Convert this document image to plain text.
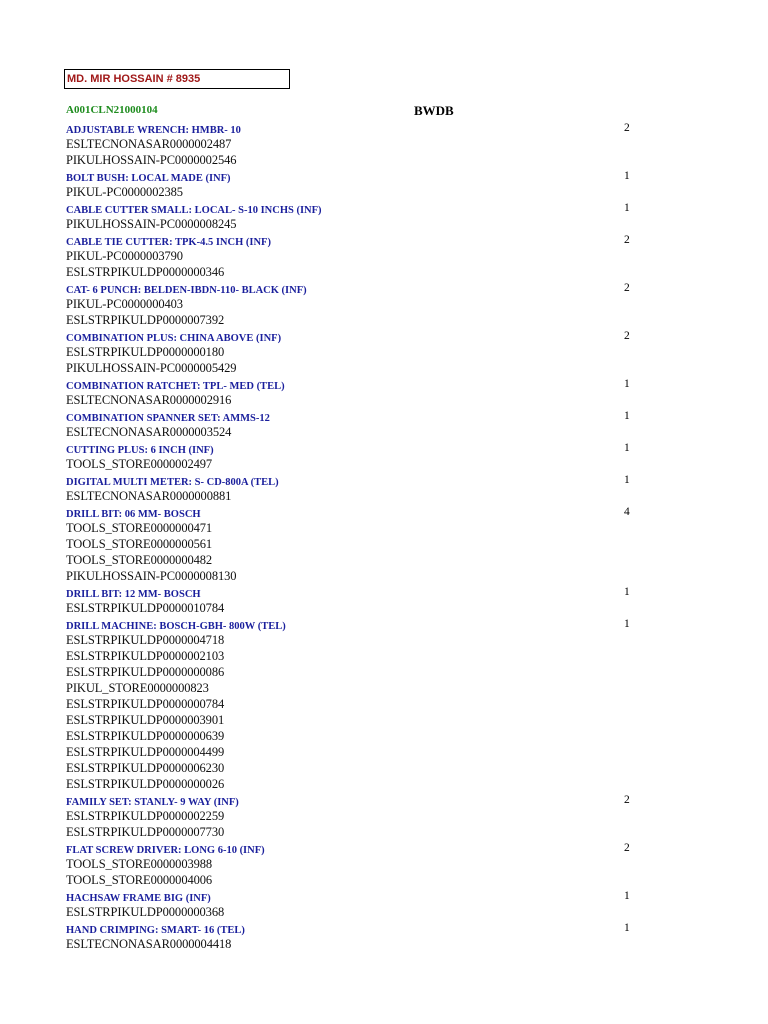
MD. MIR HOSSAIN # 8935
A001CLN21000104	BWDB
ADJUSTABLE WRENCH: HMBR- 10	2
ESLTECNONASAR0000002487
PIKULHOSSAIN-PC0000002546
BOLT BUSH: LOCAL MADE (INF)	1
PIKUL-PC0000002385
CABLE CUTTER SMALL: LOCAL- S-10 INCHS (INF)	1
PIKULHOSSAIN-PC0000008245
CABLE TIE CUTTER: TPK-4.5 INCH (INF)	2
PIKUL-PC0000003790
ESLSTRPIKULDP0000000346
CAT- 6 PUNCH: BELDEN-IBDN-110- BLACK (INF)	2
PIKUL-PC0000000403
ESLSTRPIKULDP0000007392
COMBINATION PLUS: CHINA ABOVE (INF)	2
ESLSTRPIKULDP0000000180
PIKULHOSSAIN-PC0000005429
COMBINATION RATCHET: TPL- MED (TEL)	1
ESLTECNONASAR0000002916
COMBINATION SPANNER SET: AMMS-12	1
ESLTECNONASAR0000003524
CUTTING PLUS: 6 INCH (INF)	1
TOOLS_STORE0000002497
DIGITAL MULTI METER: S- CD-800A (TEL)	1
ESLTECNONASAR0000000881
DRILL BIT: 06 MM- BOSCH	4
TOOLS_STORE0000000471
TOOLS_STORE0000000561
TOOLS_STORE0000000482
PIKULHOSSAIN-PC0000008130
DRILL BIT: 12 MM- BOSCH	1
ESLSTRPIKULDP0000010784
DRILL MACHINE: BOSCH-GBH- 800W (TEL)	1
ESLSTRPIKULDP0000004718
ESLSTRPIKULDP0000002103
ESLSTRPIKULDP0000000086
PIKUL_STORE0000000823
ESLSTRPIKULDP0000000784
ESLSTRPIKULDP0000003901
ESLSTRPIKULDP0000000639
ESLSTRPIKULDP0000004499
ESLSTRPIKULDP0000006230
ESLSTRPIKULDP0000000026
FAMILY SET: STANLY- 9 WAY (INF)	2
ESLSTRPIKULDP0000002259
ESLSTRPIKULDP0000007730
FLAT SCREW DRIVER: LONG 6-10 (INF)	2
TOOLS_STORE0000003988
TOOLS_STORE0000004006
HACHSAW FRAME BIG (INF)	1
ESLSTRPIKULDP0000000368
HAND CRIMPING: SMART- 16 (TEL)	1
ESLTECNONASAR0000004418
